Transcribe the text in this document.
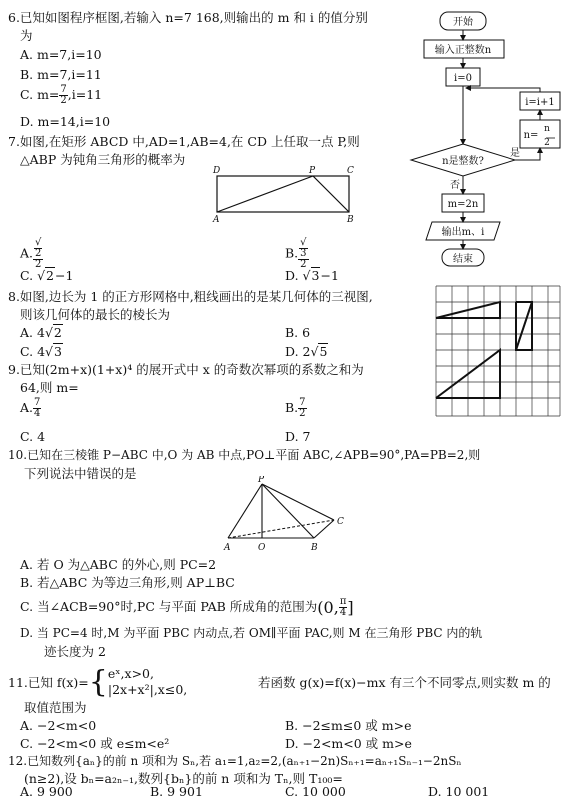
6.已知如图程序框图,若输入 n=7 168,则输出的 m 和 i 的值分别
为
A. m=7,i=10
B. m=7,i=11
C. $m= \frac{7}{2} ,i=11$
D. m=14,i=10
开始
输入正整数n
i=0
i=i+1
n=
n
2
n是整数?
是
否
m=2n
输出m、i
结束
7.如图,在矩形 ABCD 中,AD=1,AB=4,在 CD 上任取一点 P,则
△ABP 为钝角三角形的概率为
D	P	C
A	B
A. √
2
2	B. √
3
2
C. √2−1	D. √3−1
8.如图,边长为 1 的正方形网格中,粗线画出的是某几何体的三视图,
则该几何体的最长的棱长为
A. 4√2	B. 6
C. 4√3	D. 2√5
9.已知(2m+x)(1+x)⁴ 的展开式中 x 的奇数次幂项的系数之和为
64,则 m=
A. $\frac{7}{4}$	B. $\frac{7}{2}$
C. 4	D. 7
10.已知在三棱锥 P−ABC 中,O 为 AB 中点,PO⊥平面 ABC,∠APB=90°,PA=PB=2,则
下列说法中错误的是	P
A	O	B
C
A. 若 O 为△ABC 的外心,则 PC=2
B. 若△ABC 为等边三角形,则 AP⊥BC
C. 当∠ACB=90°时,PC 与平面 PAB 所成角的范围为(0, $\frac{\pi}{4}$ ]
D. 当 PC=4 时,M 为平面 PBC 内动点,若 OM∥平面 PAC,则 M 在三角形 PBC 内的轨
迹长度为 2
11.已知 f(x)={ eˣ,x>0,
|2x+x²|,x≤0,	若函数 g(x)=f(x)−mx 有三个不同零点,则实数 m 的
取值范围为
A. −2<m<0	B. −2≤m≤0 或 m>e
C. −2<m<0 或 e≤m<e²	D. −2<m<0 或 m>e
12.已知数列{aₙ}的前 n 项和为 Sₙ,若 a₁=1,a₂=2,(aₙ₊₁−2n)Sₙ₊₁=aₙ₊₁Sₙ₋₁−2nSₙ
(n≥2),设 bₙ=a₂ₙ₋₁,数列{bₙ}的前 n 项和为 Tₙ,则 T₁₀₀=
A. 9 900	B. 9 901	C. 10 000	D. 10 001
